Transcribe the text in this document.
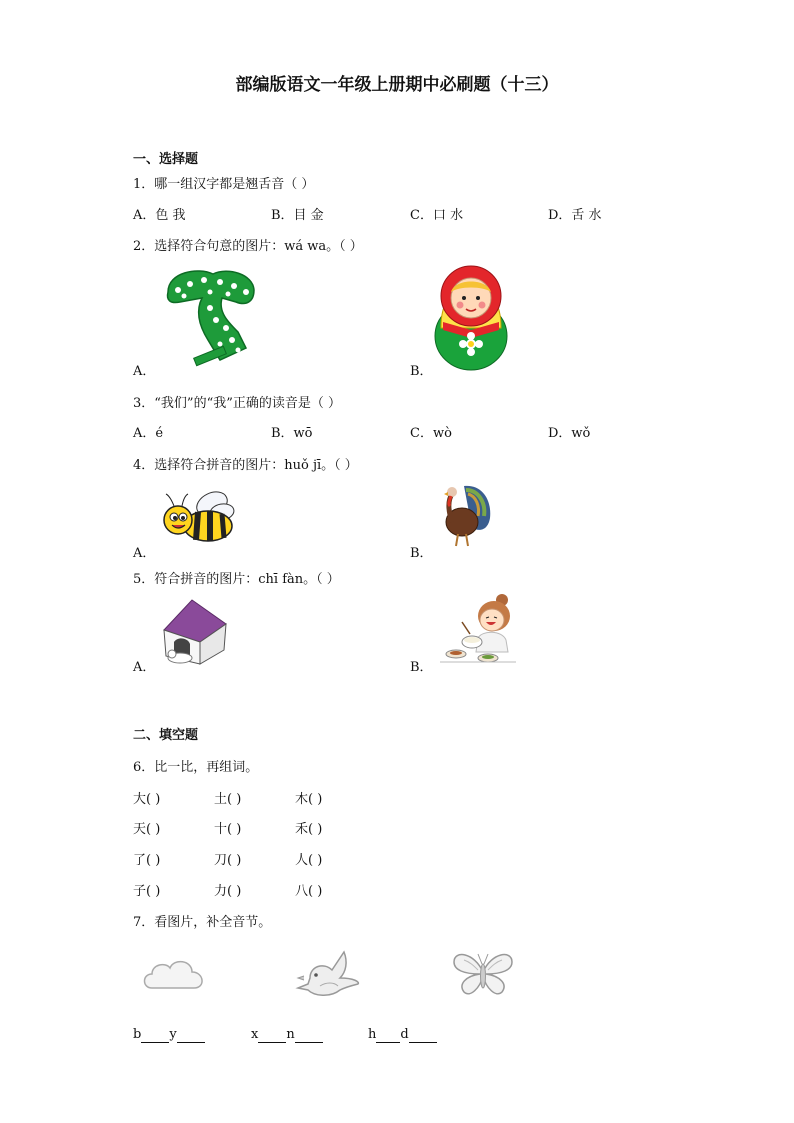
部编版语文一年级上册期中必刷题（十三）
一、选择题
1．哪一组汉字都是翘舌音（ ）
A．色 我	B．目 金	C．口 水	D．舌 水
2．选择符合句意的图片：wá wa。（ ）
A．	B．
3．“我们”的“我”正确的读音是（ ）
A．é	B．wō	C．wò	D．wǒ
4．选择符合拼音的图片：huǒ jī。（ ）
A．	B．
5．符合拼音的图片：chī fàn。（ ）
A．	B．
二、填空题
6．比一比，再组词。
大( )	土( )	木( )
天( )	十( )	禾( )
了( )	刀( )	人( )
子( )	力( )	八( )
7．看图片，补全音节。
b y	x n	h d
